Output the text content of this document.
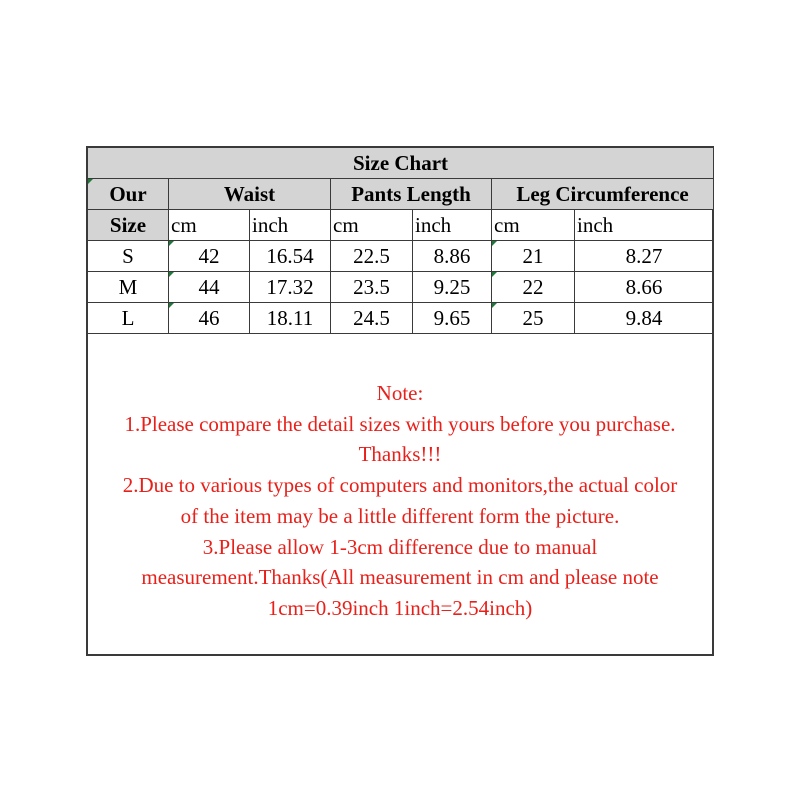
Size Chart						
Our	Waist		Pants Length		Leg Circumference	
Size	cm	inch	cm	inch	cm	inch
S	42	16.54	22.5	8.86	21	8.27
M	44	17.32	23.5	9.25	22	8.66
L	46	18.11	24.5	9.65	25	9.84
Note:
1.Please compare the detail sizes with yours before you purchase.
Thanks!!!
2.Due to various types of computers and monitors,the actual color
of the item may be a little different form the picture.
3.Please allow 1-3cm difference due to manual
measurement.Thanks(All measurement in cm and please note
1cm=0.39inch 1inch=2.54inch)
